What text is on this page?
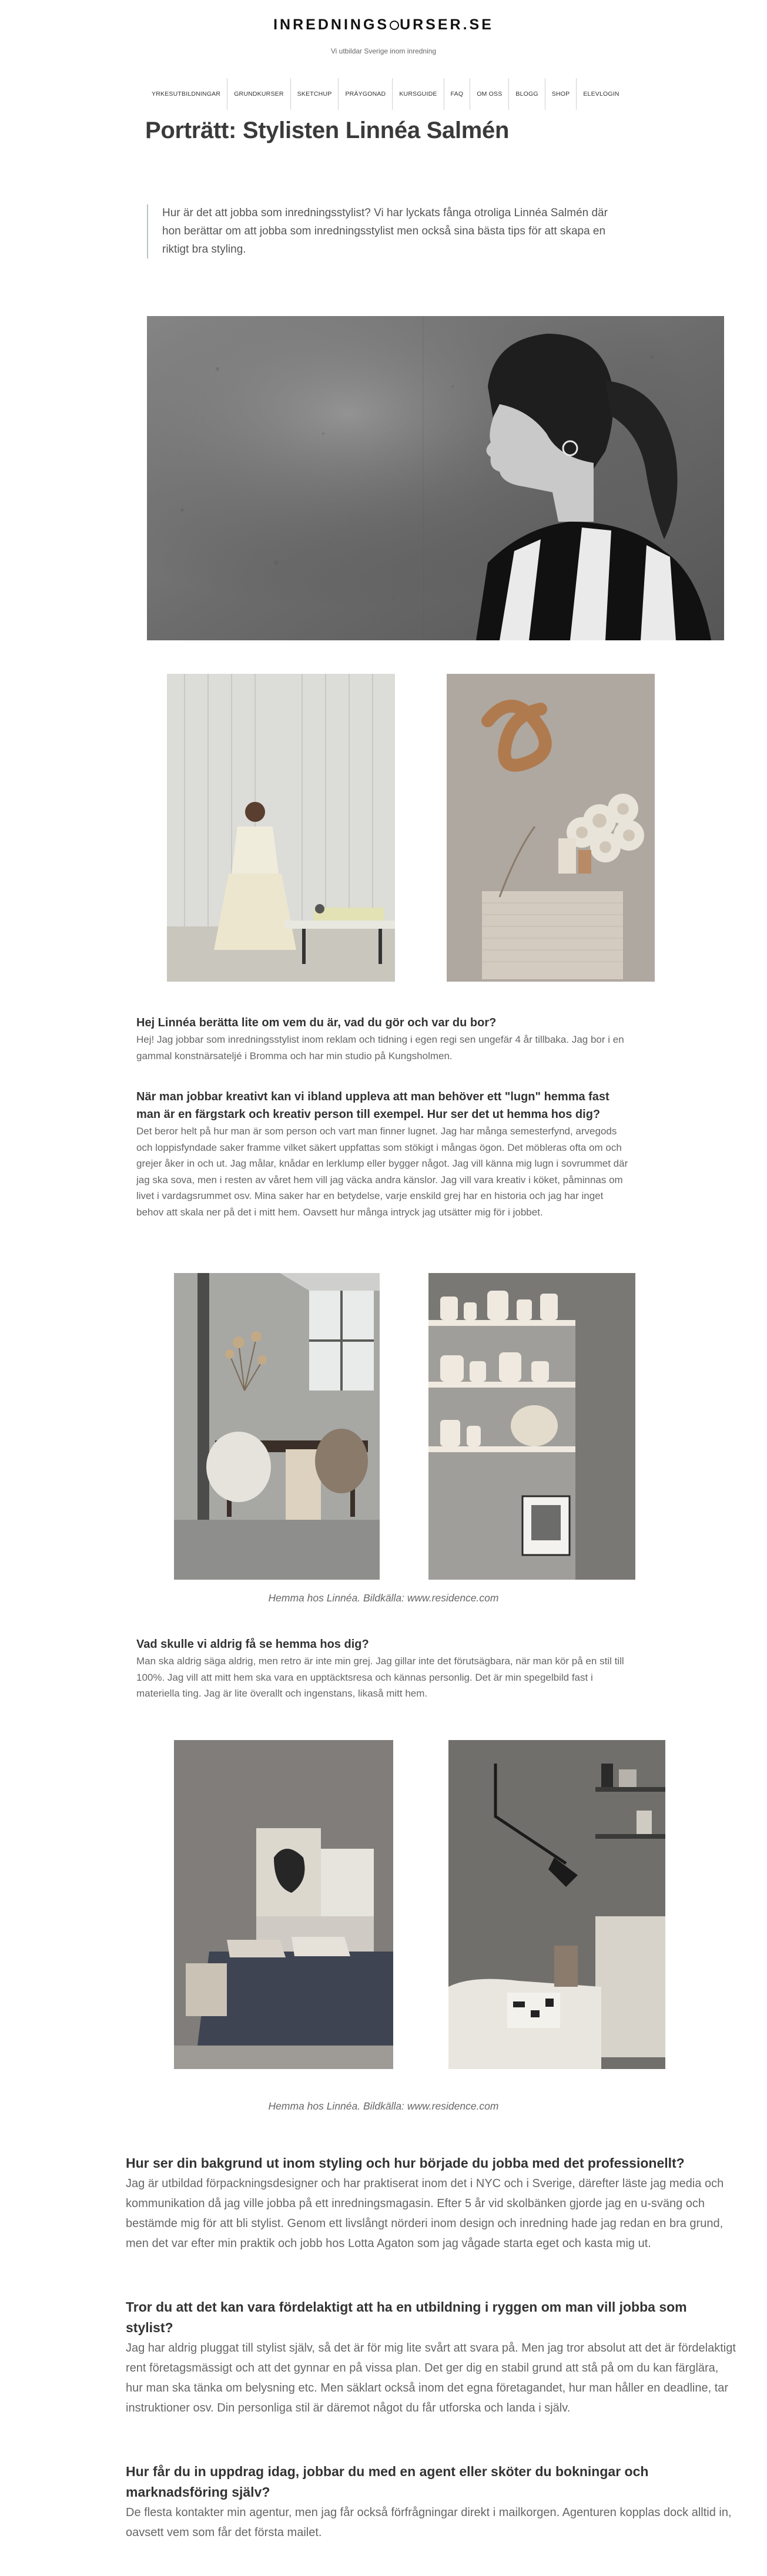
INREDNINGS URSER.SE
Vi utbildar Sverige inom inredning
YRKESUTBILDNINGAR	GRUNDKURSER	SKETCHUP	PRÄYGONAD	KURSGUIDE	FAQ	OM OSS	BLOGG	SHOP	ELEVLOGIN
Porträtt: Stylisten Linnéa Salmén
Hur är det att jobba som inredningsstylist? Vi har lyckats fånga otroliga Linnéa Salmén där hon berättar om att jobba som inredningsstylist men också sina bästa tips för att skapa en riktigt bra styling.
Hej Linnéa berätta lite om vem du är, vad du gör och var du bor?

Hej! Jag jobbar som inredningsstylist inom reklam och tidning i egen regi sen ungefär 4 år tillbaka. Jag bor i en gammal konstnärsateljé i Bromma och har min studio på Kungsholmen.

När man jobbar kreativt kan vi ibland uppleva att man behöver ett "lugn" hemma fast man är en färgstark och kreativ person till exempel. Hur ser det ut hemma hos dig?

Det beror helt på hur man är som person och vart man finner lugnet. Jag har många semesterfynd, arvegods och loppisfyndade saker framme vilket säkert uppfattas som stökigt i mångas ögon. Det möbleras ofta om och grejer åker in och ut. Jag målar, knådar en lerklump eller bygger något. Jag vill känna mig lugn i sovrummet där jag ska sova, men i resten av våret hem vill jag väcka andra känslor. Jag vill vara kreativ i köket, påminnas om livet i vardagsrummet osv. Mina saker har en betydelse, varje enskild grej har en historia och jag har inget behov att skala ner på det i mitt hem. Oavsett hur många intryck jag utsätter mig för i jobbet.

Hemma hos Linnéa. Bildkälla: www.residence.com
Vad skulle vi aldrig få se hemma hos dig?

Man ska aldrig säga aldrig, men retro är inte min grej. Jag gillar inte det förutsägbara, när man kör på en stil till 100%. Jag vill att mitt hem ska vara en upptäcktsresa och kännas personlig. Det är min spegelbild fast i materiella ting. Jag är lite överallt och ingenstans, likaså mitt hem.

Hemma hos Linnéa. Bildkälla: www.residence.com
Hur ser din bakgrund ut inom styling och hur började du jobba med det professionellt?

Jag är utbildad förpackningsdesigner och har praktiserat inom det i NYC och i Sverige, därefter läste jag media och kommunikation då jag ville jobba på ett inredningsmagasin. Efter 5 år vid skolbänken gjorde jag en u-sväng och bestämde mig för att bli stylist. Genom ett livslångt nörderi inom design och inredning hade jag redan en bra grund, men det var efter min praktik och jobb hos Lotta Agaton som jag vågade starta eget och kasta mig ut.

Tror du att det kan vara fördelaktigt att ha en utbildning i ryggen om man vill jobba som stylist?

Jag har aldrig pluggat till stylist själv, så det är för mig lite svårt att svara på. Men jag tror absolut att det är fördelaktigt rent företagsmässigt och att det gynnar en på vissa plan. Det ger dig en stabil grund att stå på om du kan färglära, hur man ska tänka om belysning etc. Men säklart också inom det egna företagandet, hur man håller en deadline, tar instruktioner osv. Din personliga stil är däremot något du får utforska och landa i själv.

Hur får du in uppdrag idag, jobbar du med en agent eller sköter du bokningar och marknadsföring själv?

De flesta kontakter min agentur, men jag får också förfrågningar direkt i mailkorgen. Agenturen kopplas dock alltid in, oavsett vem som får det första mailet.
